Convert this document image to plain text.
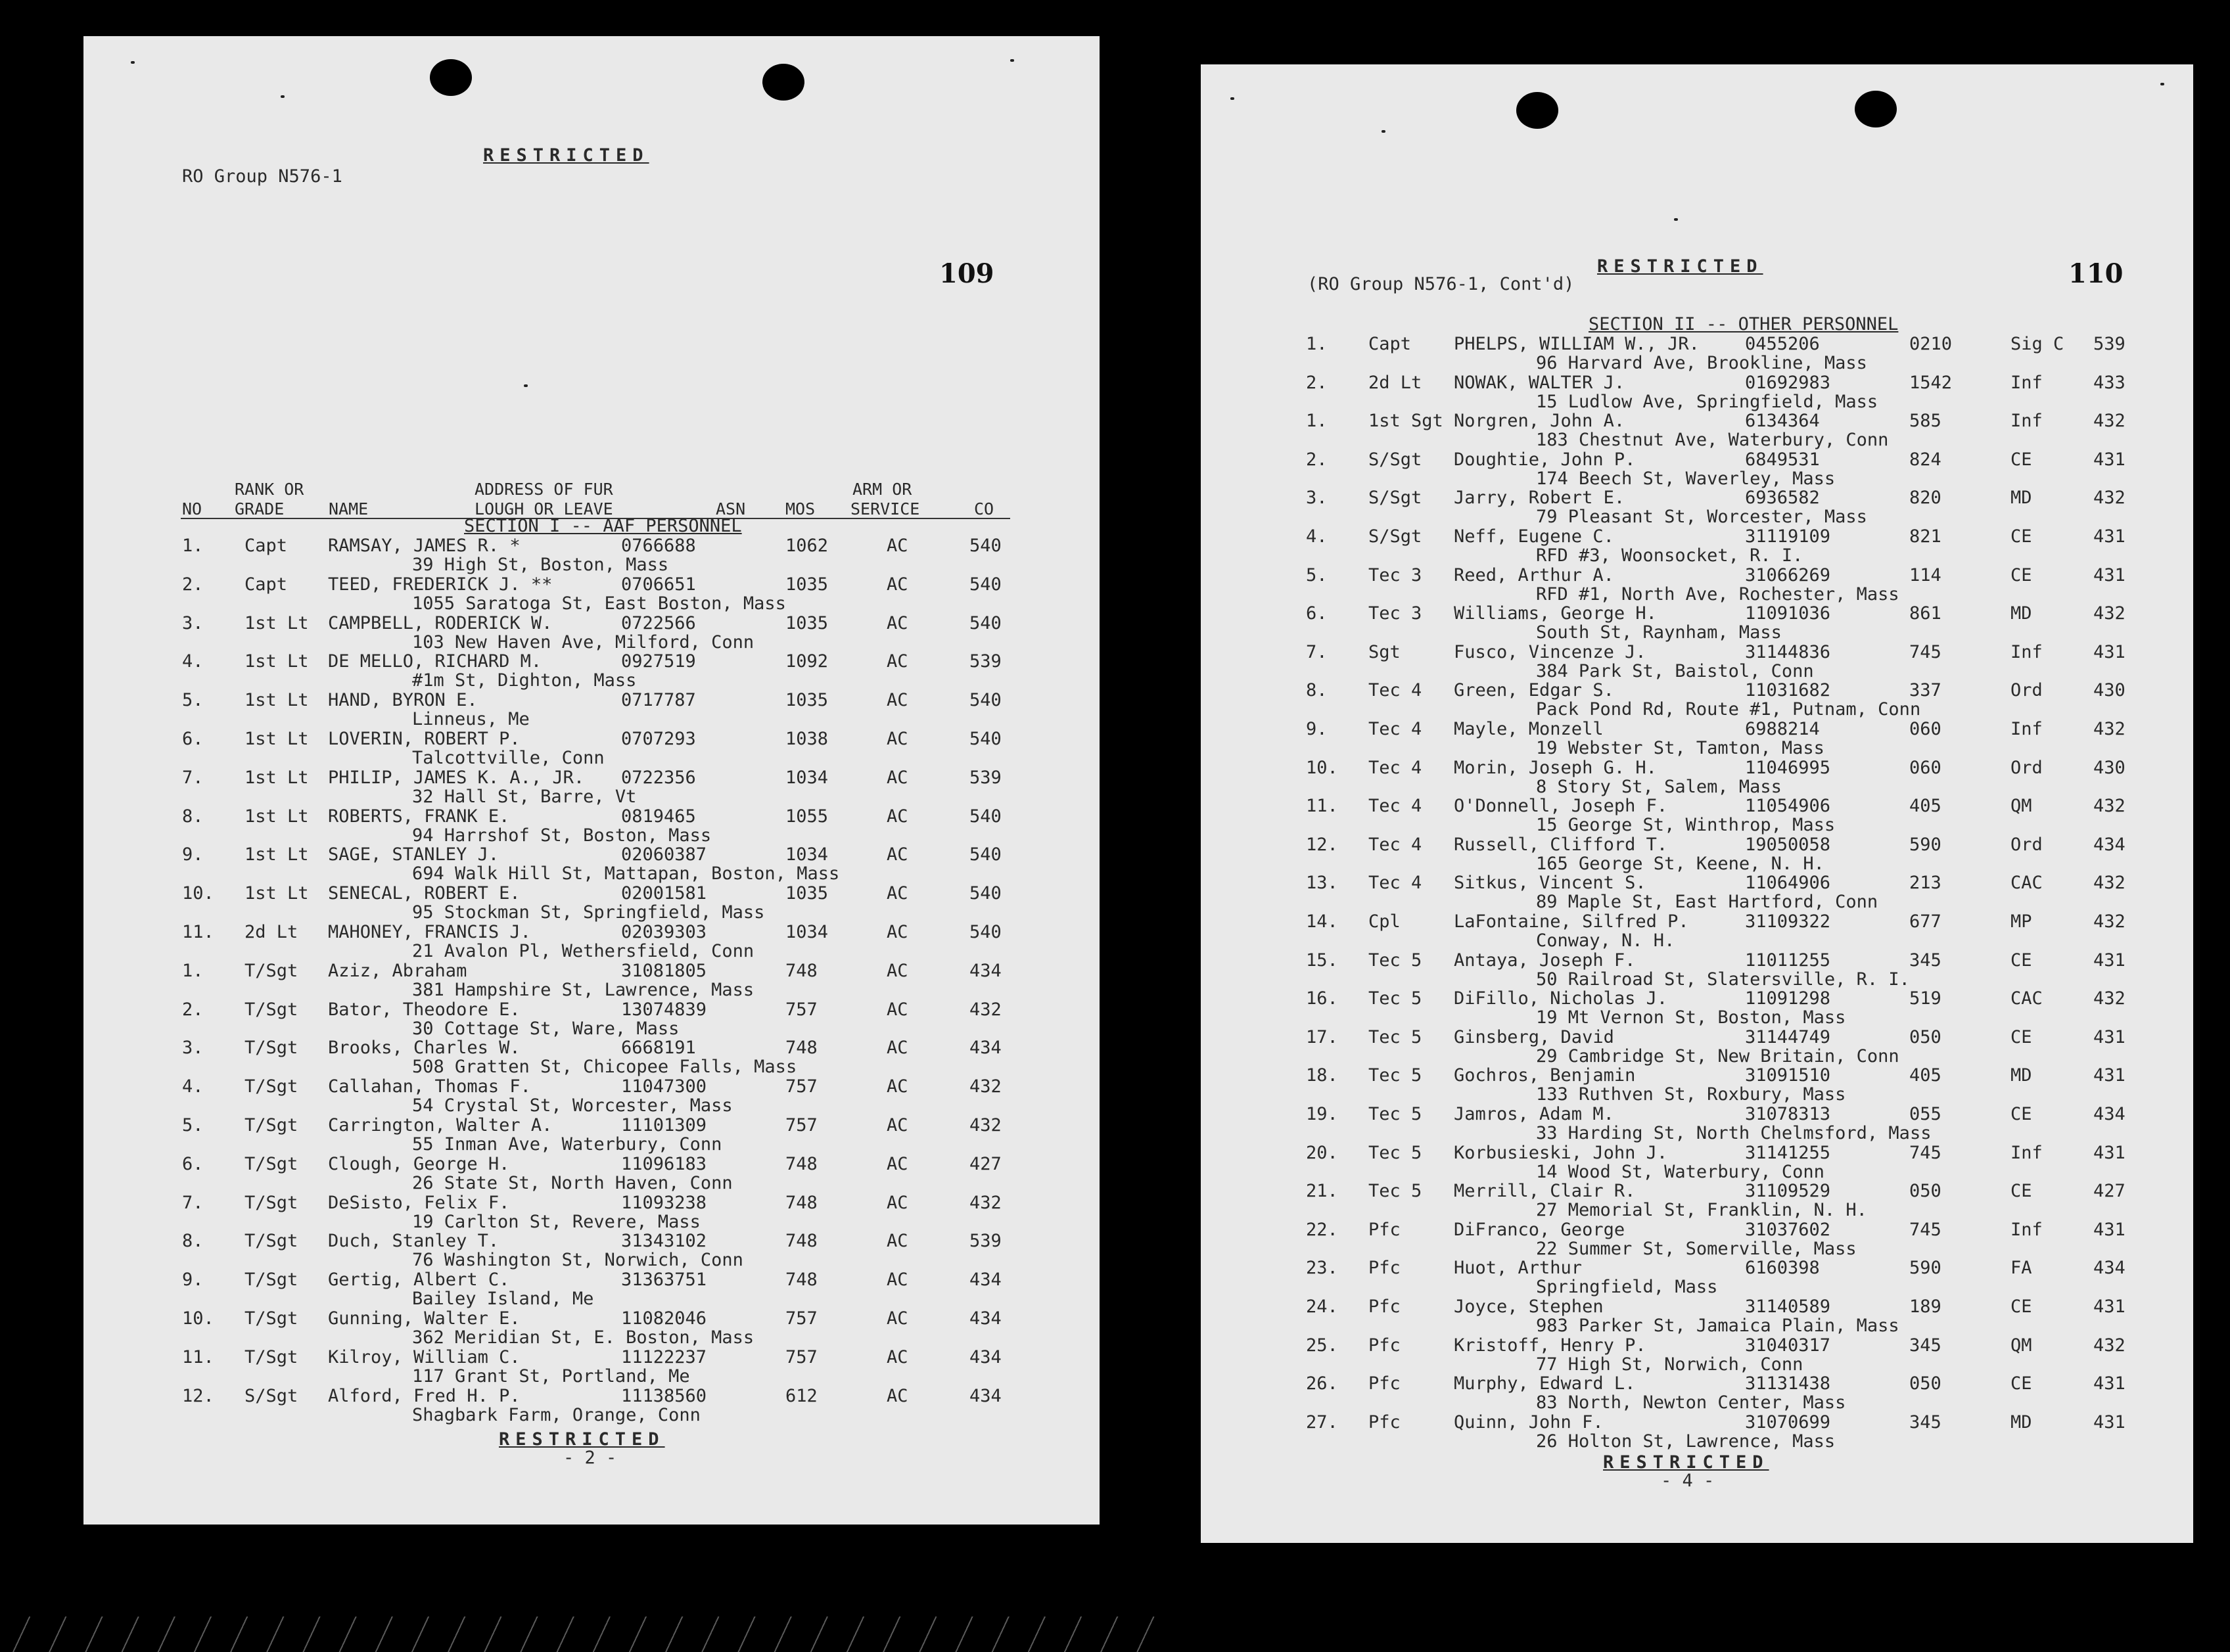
RESTRICTED
RO Group N576-1
109
RANK OR
GRADE
NO	NAME
ADDRESS OF FUR
LOUGH OR LEAVE	ASN MOS
ARM OR
SERVICE	CO
SECTION I -- AAF PERSONNEL
1. Capt RAMSAY, JAMES R. *	0766688	1062	AC	540
39 High St, Boston, Mass
2. Capt TEED, FREDERICK J. **	0706651	1035	AC	540
1055 Saratoga St, East Boston, Mass
3. 1st Lt CAMPBELL, RODERICK W.	0722566	1035	AC	540
103 New Haven Ave, Milford, Conn
4. 1st Lt DE MELLO, RICHARD M.	0927519	1092	AC	539
#1m St, Dighton, Mass
5. 1st Lt HAND, BYRON E.	0717787	1035	AC	540
Linneus, Me
6. 1st Lt LOVERIN, ROBERT P.	0707293	1038	AC	540
Talcottville, Conn
7. 1st Lt PHILIP, JAMES K. A., JR. 0722356	1034	AC	539
32 Hall St, Barre, Vt
8. 1st Lt ROBERTS, FRANK E.	0819465	1055	AC	540
94 Harrshof St, Boston, Mass
9. 1st Lt SAGE, STANLEY J.	02060387	1034	AC	540
694 Walk Hill St, Mattapan, Boston, Mass
10. 1st Lt SENECAL, ROBERT E.	02001581	1035	AC	540
95 Stockman St, Springfield, Mass
11. 2d Lt MAHONEY, FRANCIS J.	02039303	1034	AC	540
21 Avalon Pl, Wethersfield, Conn
1. T/Sgt Aziz, Abraham	31081805	748	AC	434
381 Hampshire St, Lawrence, Mass
2. T/Sgt Bator, Theodore E.	13074839	757	AC	432
30 Cottage St, Ware, Mass
3. T/Sgt Brooks, Charles W.	6668191	748	AC	434
508 Gratten St, Chicopee Falls, Mass
4. T/Sgt Callahan, Thomas F.	11047300	757	AC	432
54 Crystal St, Worcester, Mass
5. T/Sgt Carrington, Walter A.	11101309	757	AC	432
55 Inman Ave, Waterbury, Conn
6. T/Sgt Clough, George H.	11096183	748	AC	427
26 State St, North Haven, Conn
7. T/Sgt DeSisto, Felix F.	11093238	748	AC	432
19 Carlton St, Revere, Mass
8. T/Sgt Duch, Stanley T.	31343102	748	AC	539
76 Washington St, Norwich, Conn
9. T/Sgt Gertig, Albert C.	31363751	748	AC	434
Bailey Island, Me
10. T/Sgt Gunning, Walter E.	11082046	757	AC	434
362 Meridian St, E. Boston, Mass
11. T/Sgt Kilroy, William C.	11122237	757	AC	434
117 Grant St, Portland, Me
12. S/Sgt Alford, Fred H. P.	11138560	612	AC	434
Shagbark Farm, Orange, Conn
RESTRICTED
- 2 -
RESTRICTED
(RO Group N576-1, Cont'd)	110
SECTION II -- OTHER PERSONNEL
1. Capt PHELPS, WILLIAM W., JR.	0455206	0210	Sig C 539
96 Harvard Ave, Brookline, Mass
2. 2d Lt NOWAK, WALTER J.	01692983	1542	Inf	433
15 Ludlow Ave, Springfield, Mass
1. 1st Sgt Norgren, John A.	6134364	585	Inf	432
183 Chestnut Ave, Waterbury, Conn
2. S/Sgt Doughtie, John P.	6849531	824	CE	431
174 Beech St, Waverley, Mass
3. S/Sgt Jarry, Robert E.	6936582	820	MD	432
79 Pleasant St, Worcester, Mass
4. S/Sgt Neff, Eugene C.	31119109	821	CE	431
RFD #3, Woonsocket, R. I.
5. Tec 3 Reed, Arthur A.	31066269	114	CE	431
RFD #1, North Ave, Rochester, Mass
6. Tec 3 Williams, George H.	11091036	861	MD	432
South St, Raynham, Mass
7. Sgt	Fusco, Vincenze J.	31144836	745	Inf	431
384 Park St, Baistol, Conn
8. Tec 4 Green, Edgar S.	11031682	337	Ord	430
Pack Pond Rd, Route #1, Putnam, Conn
9. Tec 4 Mayle, Monzell	6988214	060	Inf	432
19 Webster St, Tamton, Mass
10. Tec 4 Morin, Joseph G. H.	11046995	060	Ord	430
8 Story St, Salem, Mass
11. Tec 4 O'Donnell, Joseph F.	11054906	405	QM	432
15 George St, Winthrop, Mass
12. Tec 4 Russell, Clifford T.	19050058	590	Ord	434
165 George St, Keene, N. H.
13. Tec 4 Sitkus, Vincent S.	11064906	213	CAC	432
89 Maple St, East Hartford, Conn
14. Cpl	LaFontaine, Silfred P.	31109322	677	MP	432
Conway, N. H.
15. Tec 5 Antaya, Joseph F.	11011255	345	CE	431
50 Railroad St, Slatersville, R. I.
16. Tec 5 DiFillo, Nicholas J.	11091298	519	CAC	432
19 Mt Vernon St, Boston, Mass
17. Tec 5 Ginsberg, David	31144749	050	CE	431
29 Cambridge St, New Britain, Conn
18. Tec 5 Gochros, Benjamin	31091510	405	MD	431
133 Ruthven St, Roxbury, Mass
19. Tec 5 Jamros, Adam M.	31078313	055	CE	434
33 Harding St, North Chelmsford, Mass
20. Tec 5 Korbusieski, John J.	31141255	745	Inf	431
14 Wood St, Waterbury, Conn
21. Tec 5 Merrill, Clair R.	31109529	050	CE	427
27 Memorial St, Franklin, N. H.
22. Pfc	DiFranco, George	31037602	745	Inf	431
22 Summer St, Somerville, Mass
23. Pfc	Huot, Arthur	6160398	590	FA	434
Springfield, Mass
24. Pfc	Joyce, Stephen	31140589	189	CE	431
983 Parker St, Jamaica Plain, Mass
25. Pfc	Kristoff, Henry P.	31040317	345	QM	432
77 High St, Norwich, Conn
26. Pfc	Murphy, Edward L.	31131438	050	CE	431
83 North, Newton Center, Mass
27. Pfc	Quinn, John F.	31070699	345	MD	431
26 Holton St, Lawrence, Mass
RESTRICTED
- 4 -
